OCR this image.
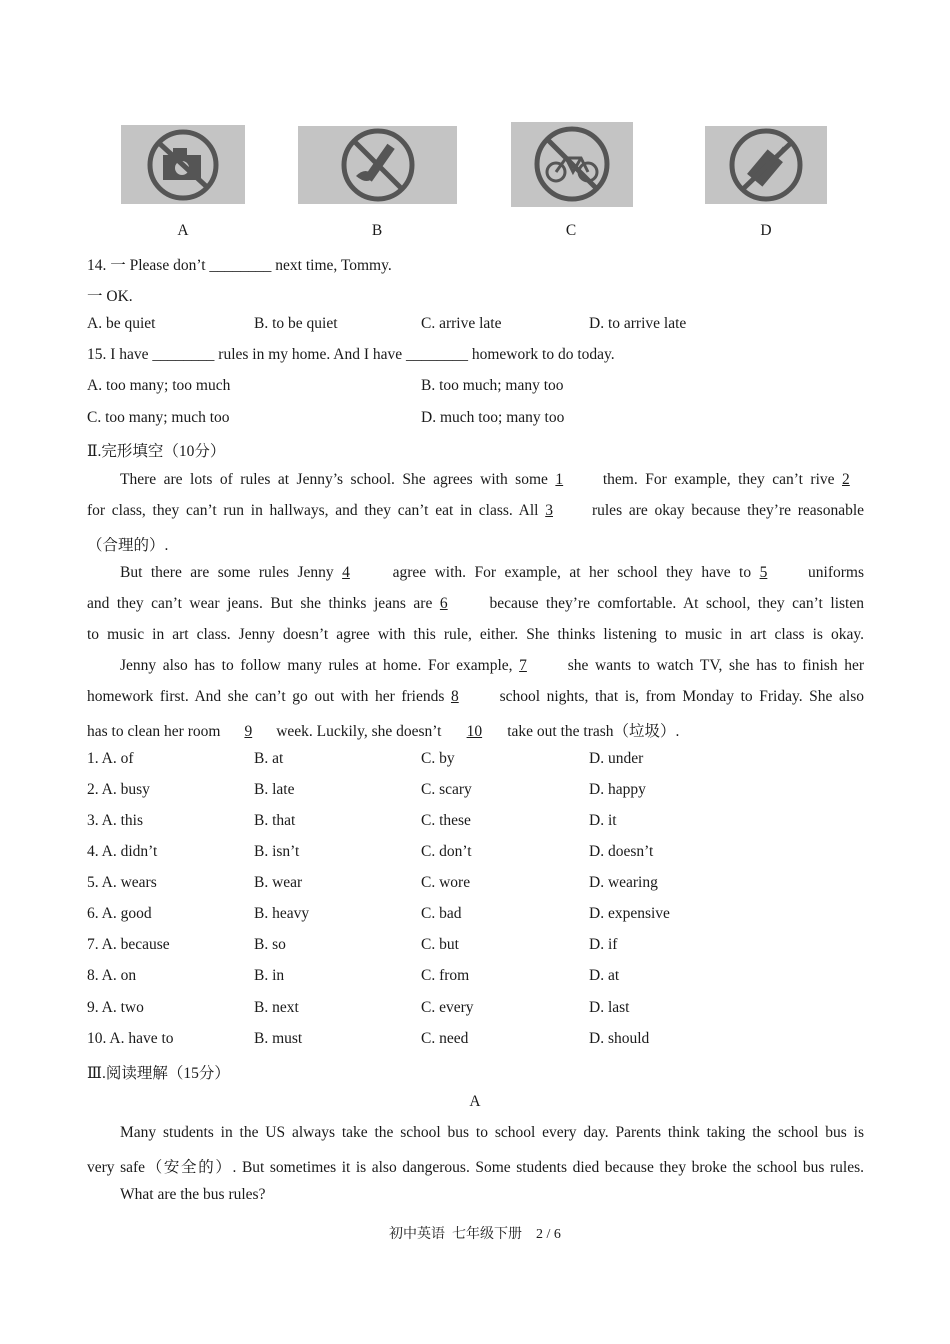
A	B	C	D
14. 一 Please don’t ________ next time, Tommy.
一 OK.
A. be quiet	B. to be quiet	C. arrive late	D. to arrive late
15. I have ________ rules in my home. And I have ________ homework to do today.
A. too many; too much	B. too much; many too
C. too many; much too	D. much too; many too
Ⅱ.完形填空（10分）
There are lots of rules at Jenny’s school. She agrees with some 1	them. For example, they can’t rive 2
for class, they can’t run in hallways, and they can’t eat in class. All 3	rules are okay because they’re reasonable
（合理的）.
But there are some rules Jenny 4	agree with. For example, at her school they have to 5	uniforms
and they can’t wear jeans. But she thinks jeans are 6	because they’re comfortable. At school, they can’t listen
to music in art class. Jenny doesn’t agree with this rule, either. She thinks listening to music in art class is okay.
Jenny also has to follow many rules at home. For example, 7	she wants to watch TV, she has to finish her
homework first. And she can’t go out with her friends 8	school nights, that is, from Monday to Friday. She also
has to clean her room 9 week. Luckily, she doesn’t 10 take out the trash（垃圾）.
1. A. of	B. at	C. by	D. under
2. A. busy	B. late	C. scary	D. happy
3. A. this	B. that	C. these	D. it
4. A. didn’t	B. isn’t	C. don’t	D. doesn’t
5. A. wears	B. wear	C. wore	D. wearing
6. A. good	B. heavy	C. bad	D. expensive
7. A. because	B. so	C. but	D. if
8. A. on	B. in	C. from	D. at
9. A. two	B. next	C. every	D. last
10. A. have to	B. must	C. need	D. should
Ⅲ.阅读理解（15分）
A
Many students in the US always take the school bus to school every day. Parents think taking the school bus is
very safe（安全的）. But sometimes it is also dangerous. Some students died because they broke the school bus rules.
What are the bus rules?
初中英语  七年级下册    2 / 6
